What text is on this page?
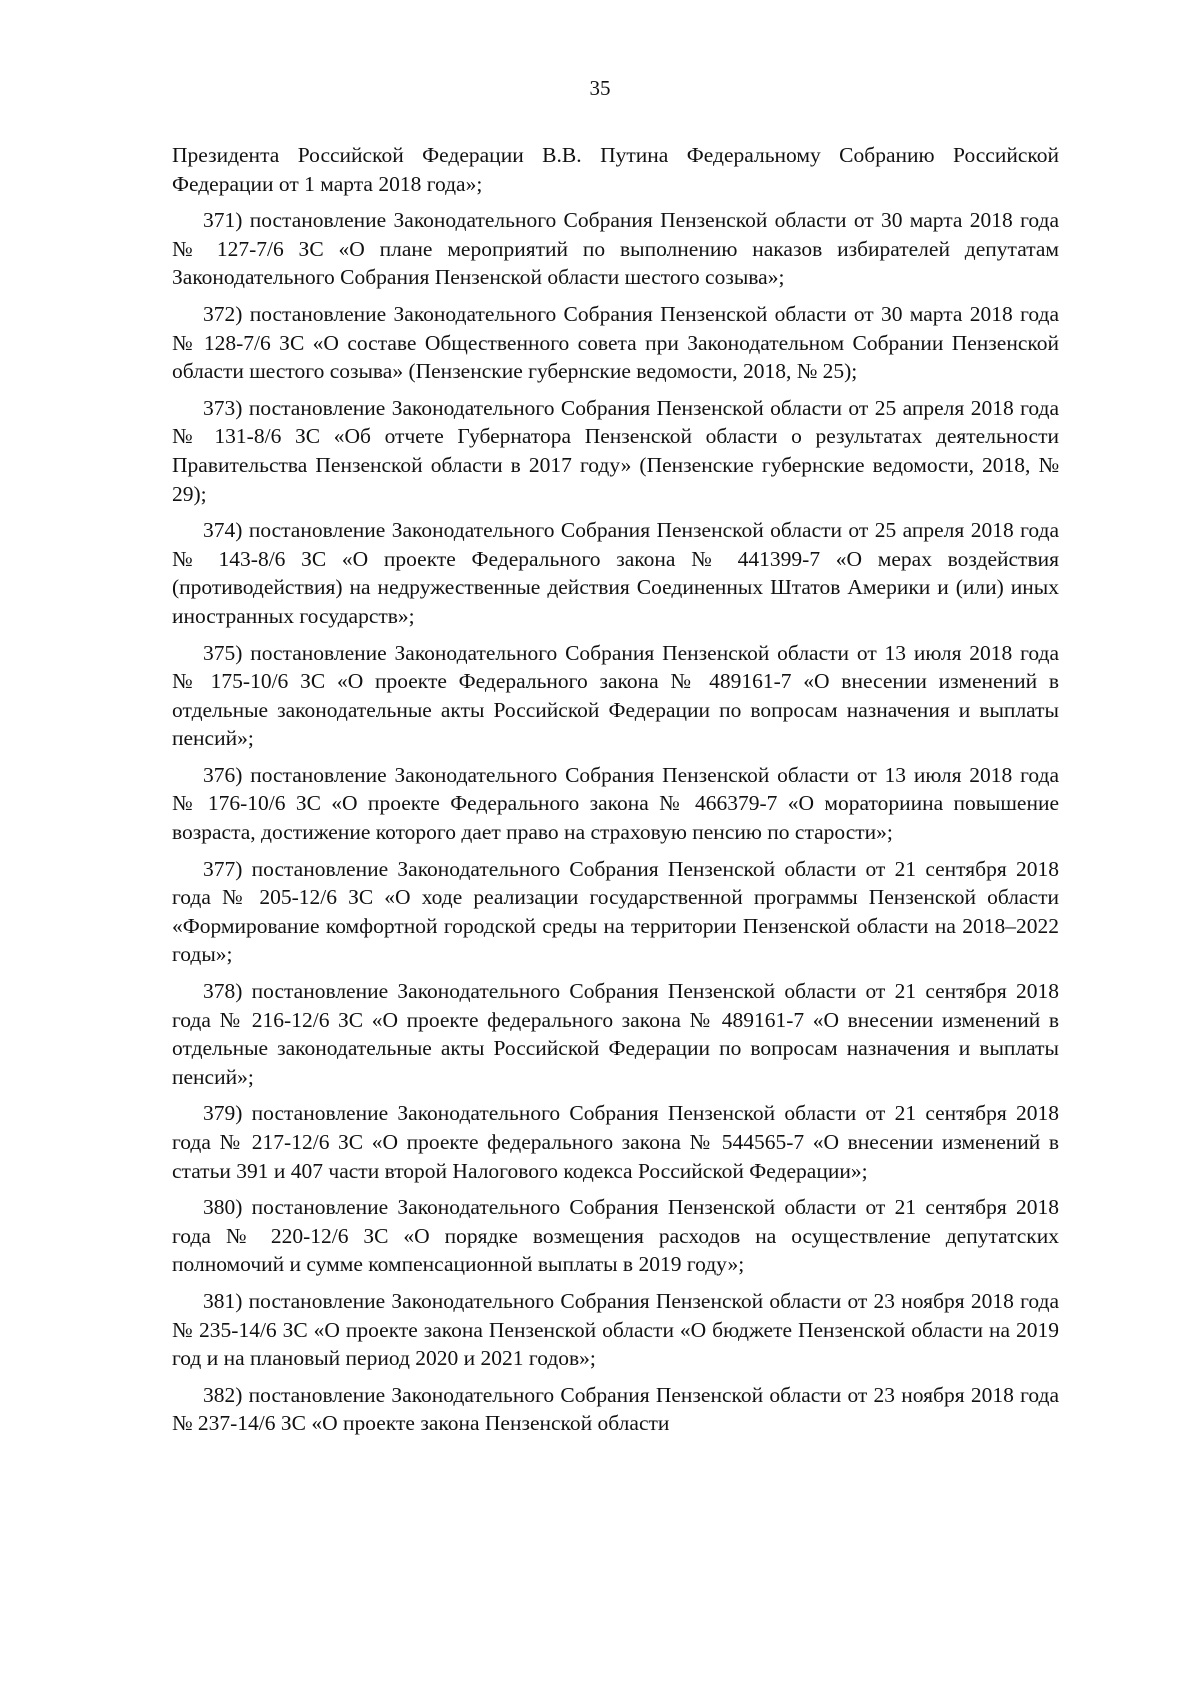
35

Президента Российской Федерации В.В. Путина Федеральному Собранию Российской Федерации от 1 марта 2018 года»;

371) постановление Законодательного Собрания Пензенской области от 30 марта 2018 года № 127-7/6 ЗС «О плане мероприятий по выполнению наказов избирателей депутатам Законодательного Собрания Пензенской области шестого созыва»;

372) постановление Законодательного Собрания Пензенской области от 30 марта 2018 года № 128-7/6 ЗС «О составе Общественного совета при Законодательном Собрании Пензенской области шестого созыва» (Пензенские губернские ведомости, 2018, № 25);

373) постановление Законодательного Собрания Пензенской области от 25 апреля 2018 года № 131-8/6 ЗС «Об отчете Губернатора Пензенской области о результатах деятельности Правительства Пензенской области в 2017 году» (Пензенские губернские ведомости, 2018, № 29);

374) постановление Законодательного Собрания Пензенской области от 25 апреля 2018 года № 143-8/6 ЗС «О проекте Федерального закона № 441399-7 «О мерах воздействия (противодействия) на недружественные действия Соединенных Штатов Америки и (или) иных иностранных государств»;

375) постановление Законодательного Собрания Пензенской области от 13 июля 2018 года № 175-10/6 ЗС «О проекте Федерального закона № 489161-7 «О внесении изменений в отдельные законодательные акты Российской Федерации по вопросам назначения и выплаты пенсий»;

376) постановление Законодательного Собрания Пензенской области от 13 июля 2018 года № 176-10/6 ЗС «О проекте Федерального закона № 466379-7 «О мораториина повышение возраста, достижение которого дает право на страховую пенсию по старости»;

377) постановление Законодательного Собрания Пензенской области от 21 сентября 2018 года № 205-12/6 ЗС «О ходе реализации государственной программы Пензенской области «Формирование комфортной городской среды на территории Пензенской области на 2018–2022 годы»;

378) постановление Законодательного Собрания Пензенской области от 21 сентября 2018 года № 216-12/6 ЗС «О проекте федерального закона № 489161-7 «О внесении изменений в отдельные законодательные акты Российской Федерации по вопросам назначения и выплаты пенсий»;

379) постановление Законодательного Собрания Пензенской области от 21 сентября 2018 года № 217-12/6 ЗС «О проекте федерального закона № 544565-7 «О внесении изменений в статьи 391 и 407 части второй Налогового кодекса Российской Федерации»;

380) постановление Законодательного Собрания Пензенской области от 21 сентября 2018 года № 220-12/6 ЗС «О порядке возмещения расходов на осуществление депутатских полномочий и сумме компенсационной выплаты в 2019 году»;

381) постановление Законодательного Собрания Пензенской области от 23 ноября 2018 года № 235-14/6 ЗС «О проекте закона Пензенской области «О бюджете Пензенской области на 2019 год и на плановый период 2020 и 2021 годов»;

382) постановление Законодательного Собрания Пензенской области от 23 ноября 2018 года № 237-14/6 ЗС «О проекте закона Пензенской области
